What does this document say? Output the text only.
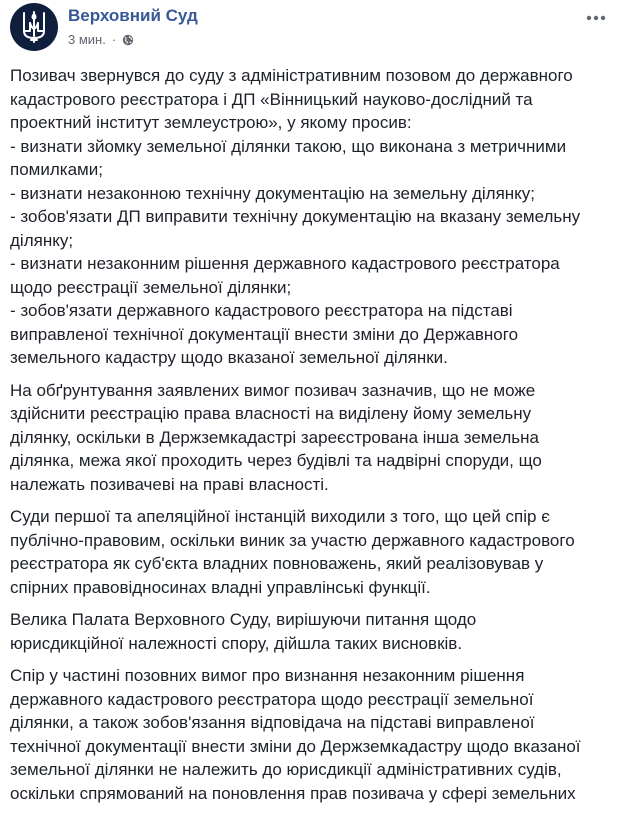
Верховний Суд
3 мин. ·

Позивач звернувся до суду з адміністративним позовом до державного
кадастрового реєстратора і ДП «Вінницький науково-дослідний та
проектний інститут землеустрою», у якому просив:
- визнати зйомку земельної ділянки такою, що виконана з метричними
помилками;
- визнати незаконною технічну документацію на земельну ділянку;
- зобов'язати ДП виправити технічну документацію на вказану земельну
ділянку;
- визнати незаконним рішення державного кадастрового реєстратора
щодо реєстрації земельної ділянки;
- зобов'язати державного кадастрового реєстратора на підставі
виправленої технічної документації внести зміни до Державного
земельного кадастру щодо вказаної земельної ділянки.

На обґрунтування заявлених вимог позивач зазначив, що не може
здійснити реєстрацію права власності на виділену йому земельну
ділянку, оскільки в Держземкадастрі зареєстрована інша земельна
ділянка, межа якої проходить через будівлі та надвірні споруди, що
належать позивачеві на праві власності.

Суди першої та апеляційної інстанцій виходили з того, що цей спір є
публічно-правовим, оскільки виник за участю державного кадастрового
реєстратора як суб'єкта владних повноважень, який реалізовував у
спірних правовідносинах владні управлінські функції.

Велика Палата Верховного Суду, вирішуючи питання щодо
юрисдикційної належності спору, дійшла таких висновків.

Спір у частині позовних вимог про визнання незаконним рішення
державного кадастрового реєстратора щодо реєстрації земельної
ділянки, а також зобов'язання відповідача на підставі виправленої
технічної документації внести зміни до Держземкадастру щодо вказаної
земельної ділянки не належить до юрисдикції адміністративних судів,
оскільки спрямований на поновлення прав позивача у сфері земельних
